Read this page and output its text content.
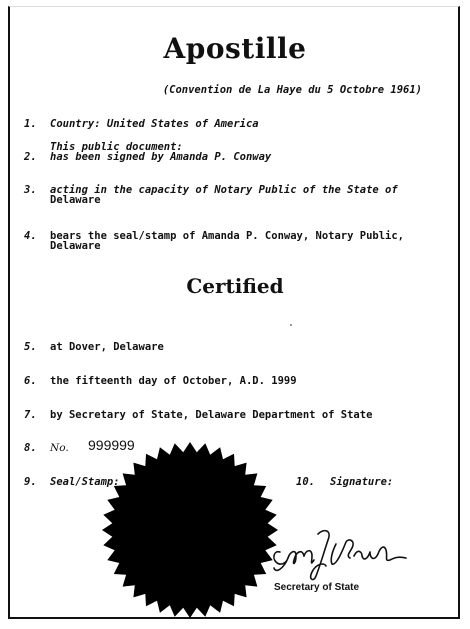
Apostille
(Convention de La Haye du 5 Octobre 1961)
1. Country: United States of America
This public document:
2. has been signed by Amanda P. Conway
3. acting in the capacity of Notary Public of the State of
Delaware
4. bears the seal/stamp of Amanda P. Conway, Notary Public,
Delaware
Certified
5. at Dover, Delaware
6. the fifteenth day of October, A.D. 1999
7. by Secretary of State, Delaware Department of State
8. No.	999999
9. Seal/Stamp:	10. Signature:
Secretary of State
